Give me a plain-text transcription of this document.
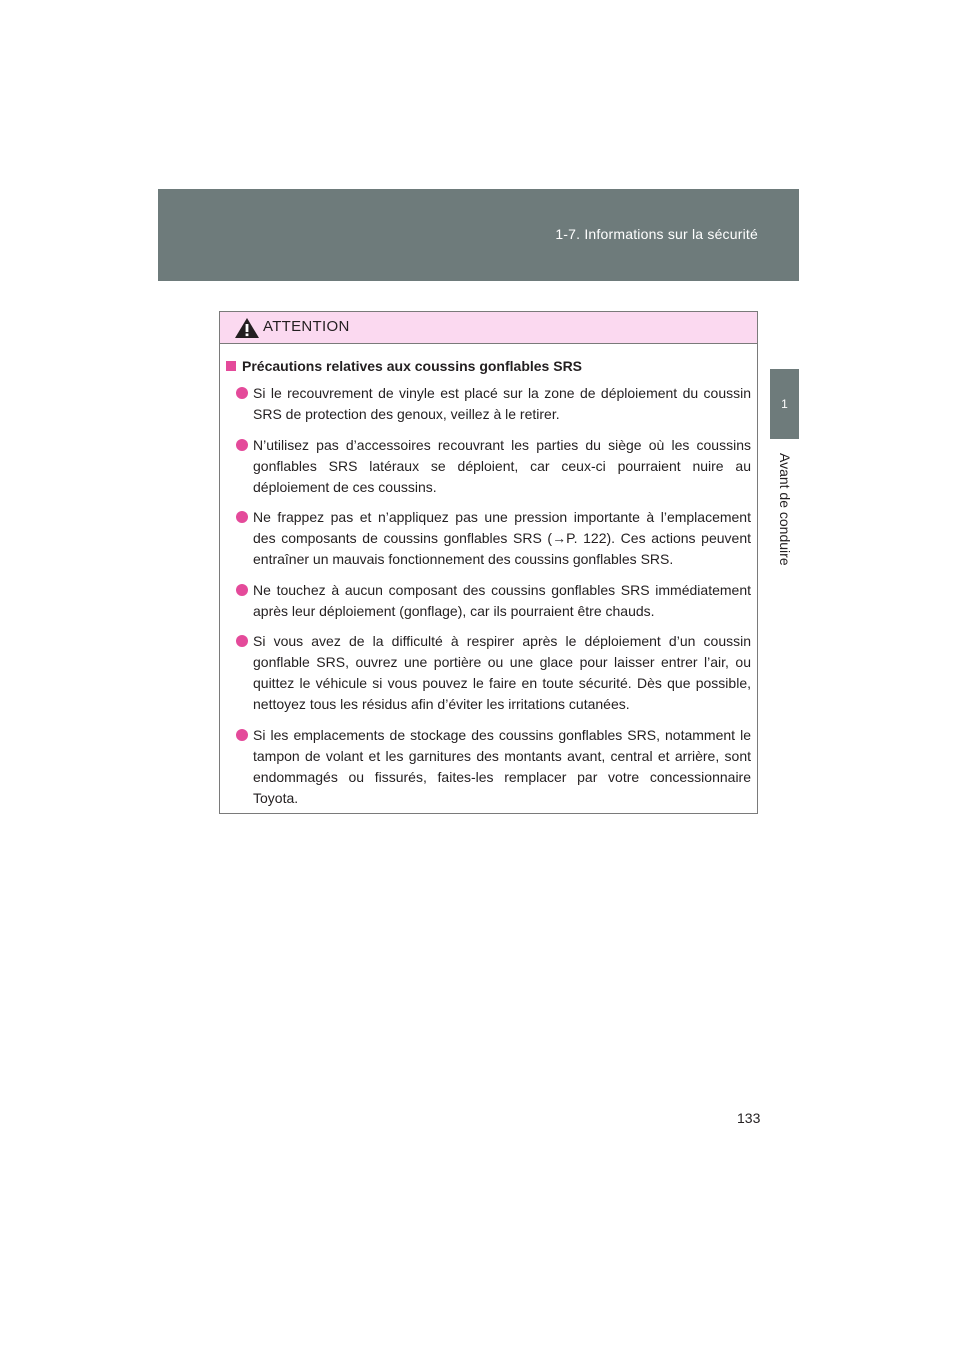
1-7. Informations sur la sécurité
1
Avant de conduire
ATTENTION
Précautions relatives aux coussins gonflables SRS
Si le recouvrement de vinyle est placé sur la zone de déploiement du coussin SRS de protection des genoux, veillez à le retirer.
N’utilisez pas d’accessoires recouvrant les parties du siège où les coussins gonflables SRS latéraux se déploient, car ceux-ci pourraient nuire au déploiement de ces coussins.
Ne frappez pas et n’appliquez pas une pression importante à l’emplacement des composants de coussins gonflables SRS (→P. 122). Ces actions peuvent entraîner un mauvais fonctionnement des coussins gonflables SRS.
Ne touchez à aucun composant des coussins gonflables SRS immédiatement après leur déploiement (gonflage), car ils pourraient être chauds.
Si vous avez de la difficulté à respirer après le déploiement d’un coussin gonflable SRS, ouvrez une portière ou une glace pour laisser entrer l’air, ou quittez le véhicule si vous pouvez le faire en toute sécurité. Dès que possible, nettoyez tous les résidus afin d’éviter les irritations cutanées.
Si les emplacements de stockage des coussins gonflables SRS, notamment le tampon de volant et les garnitures des montants avant, central et arrière, sont endommagés ou fissurés, faites-les remplacer par votre concessionnaire Toyota.
133
